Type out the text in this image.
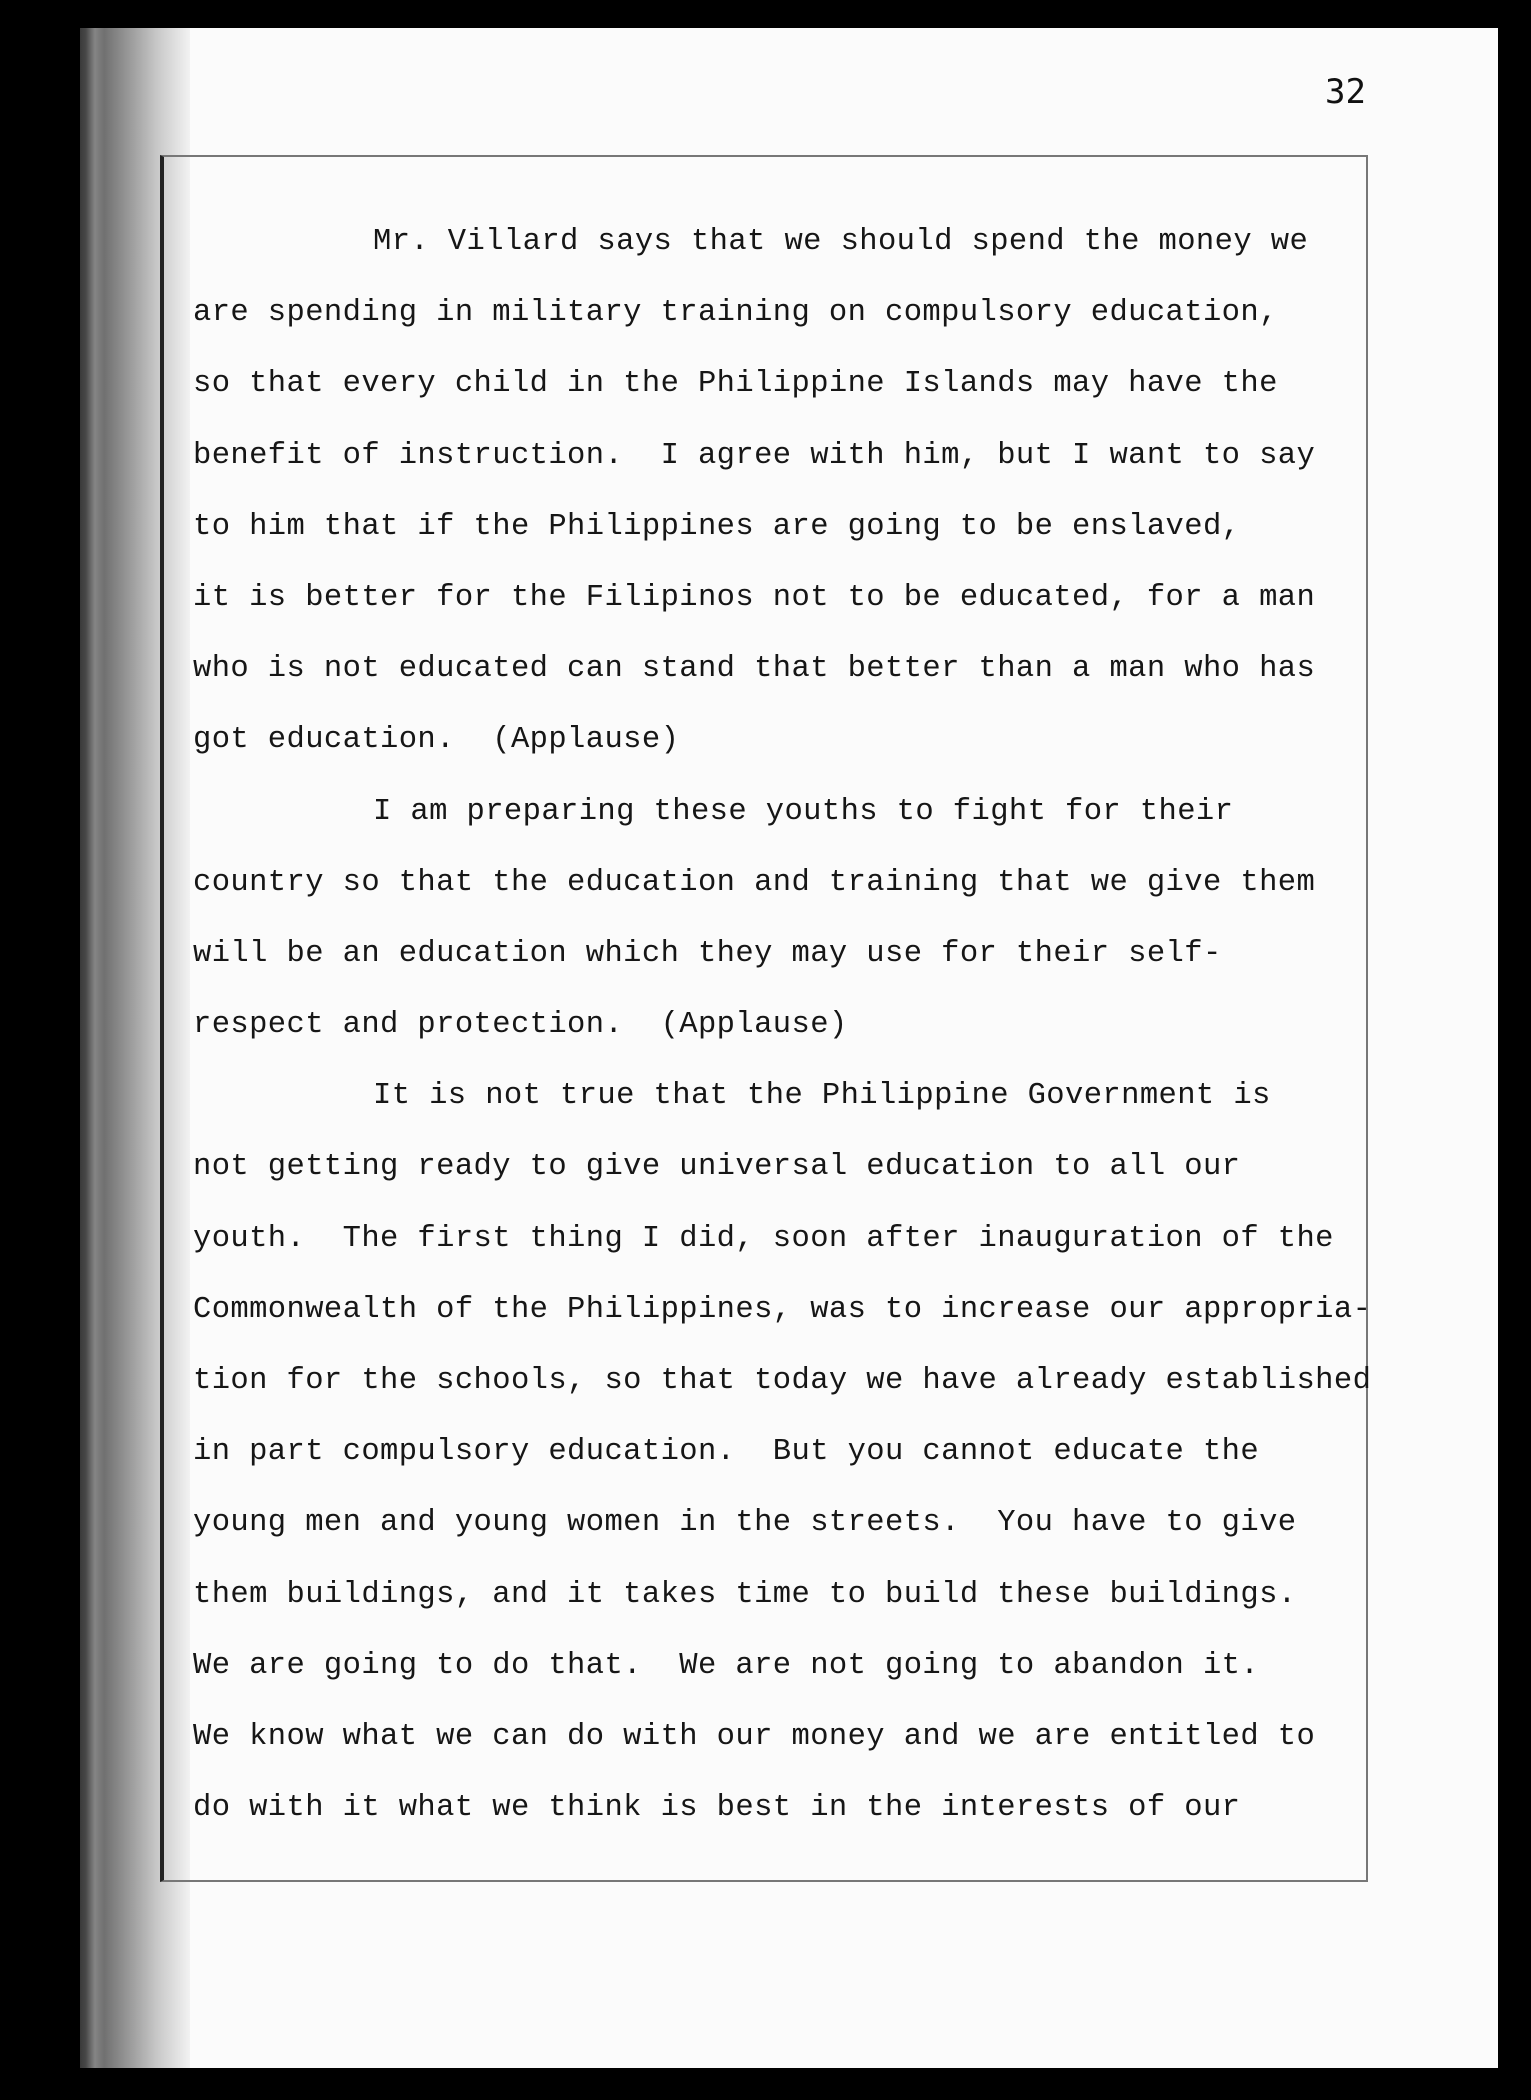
32
Mr. Villard says that we should spend the money we
are spending in military training on compulsory education,
so that every child in the Philippine Islands may have the
benefit of instruction.  I agree with him, but I want to say
to him that if the Philippines are going to be enslaved,
it is better for the Filipinos not to be educated, for a man
who is not educated can stand that better than a man who has
got education.  (Applause)
I am preparing these youths to fight for their
country so that the education and training that we give them
will be an education which they may use for their self-
respect and protection.  (Applause)
It is not true that the Philippine Government is
not getting ready to give universal education to all our
youth.  The first thing I did, soon after inauguration of the
Commonwealth of the Philippines, was to increase our appropria-
tion for the schools, so that today we have already established
in part compulsory education.  But you cannot educate the
young men and young women in the streets.  You have to give
them buildings, and it takes time to build these buildings.
We are going to do that.  We are not going to abandon it.
We know what we can do with our money and we are entitled to
do with it what we think is best in the interests of our
